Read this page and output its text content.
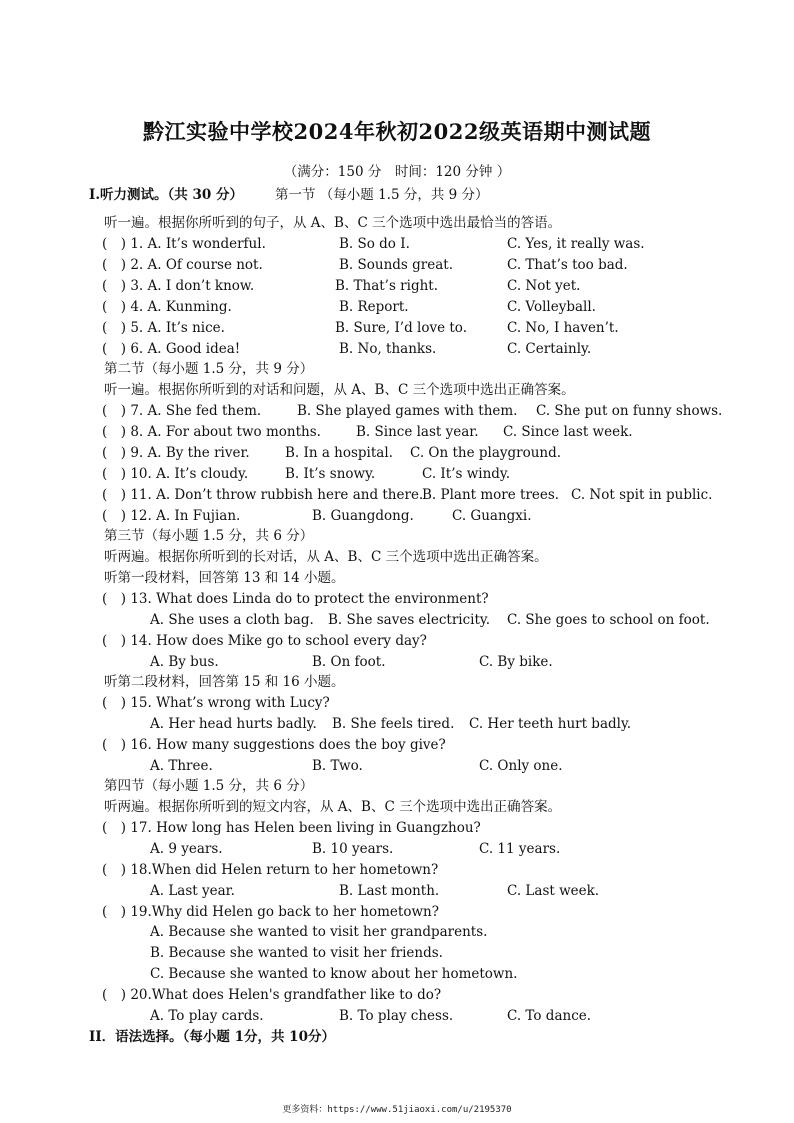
黔江实验中学校2024年秋初2022级英语期中测试题
（满分：150 分　时间：120 分钟 ）
I.听力测试。（共 30 分） 第一节 （每小题 1.5 分，共 9 分）
听一遍。根据你所听到的句子，从 A、B、C 三个选项中选出最恰当的答语。
(　) 1. A. It’s wonderful.	B. So do I.	C. Yes, it really was.
(　) 2. A. Of course not.	B. Sounds great.	C. That’s too bad.
(　) 3. A. I don’t know.	B. That’s right.	C. Not yet.
(　) 4. A. Kunming.	B. Report.	C. Volleyball.
(　) 5. A. It’s nice.	B. Sure, I’d love to.	C. No, I haven’t.
(　) 6. A. Good idea!	B. No, thanks.	C. Certainly.
第二节（每小题 1.5 分，共 9 分）
听一遍。根据你所听到的对话和问题，从 A、B、C 三个选项中选出正确答案。
(　) 7. A. She fed them.	B. She played games with them. C. She put on funny shows.
(　) 8. A. For about two months.	B. Since last year. C. Since last week.
(　) 9. A. By the river.	B. In a hospital. C. On the playground.
(　) 10. A. It’s cloudy.	B. It’s snowy.	C. It’s windy.
(　) 11. A. Don’t throw rubbish here and there.
B. Plant more trees. C. Not spit in public.
(　) 12. A. In Fujian.	B. Guangdong.	C. Guangxi.
第三节（每小题 1.5 分，共 6 分）
听两遍。根据你所听到的长对话，从 A、B、C 三个选项中选出正确答案。
听第一段材料，回答第 13 和 14 小题。
(　) 13. What does Linda do to protect the environment?
A. She uses a cloth bag. B. She saves electricity. C. She goes to school on foot.
(　) 14. How does Mike go to school every day?
A. By bus.	B. On foot.	C. By bike.
听第二段材料，回答第 15 和 16 小题。
(　) 15. What’s wrong with Lucy?
A. Her head hurts badly. B. She feels tired. C. Her teeth hurt badly.
(　) 16. How many suggestions does the boy give?
A. Three.	B. Two.	C. Only one.
第四节（每小题 1.5 分，共 6 分）
听两遍。根据你所听到的短文内容，从 A、B、C 三个选项中选出正确答案。
(　) 17. How long has Helen been living in Guangzhou?
A. 9 years.	B. 10 years.	C. 11 years.
(　) 18.When did Helen return to her hometown?
A. Last year.	B. Last month.	C. Last week.
(　) 19.Why did Helen go back to her hometown?
A. Because she wanted to visit her grandparents.
B. Because she wanted to visit her friends.
C. Because she wanted to know about her hometown.
(　) 20.What does Helen's grandfather like to do?
A. To play cards.	B. To play chess.	C. To dance.
II．语法选择。（每小题 1分，共 10分）
更多资料：https://www.51jiaoxi.com/u/2195370
